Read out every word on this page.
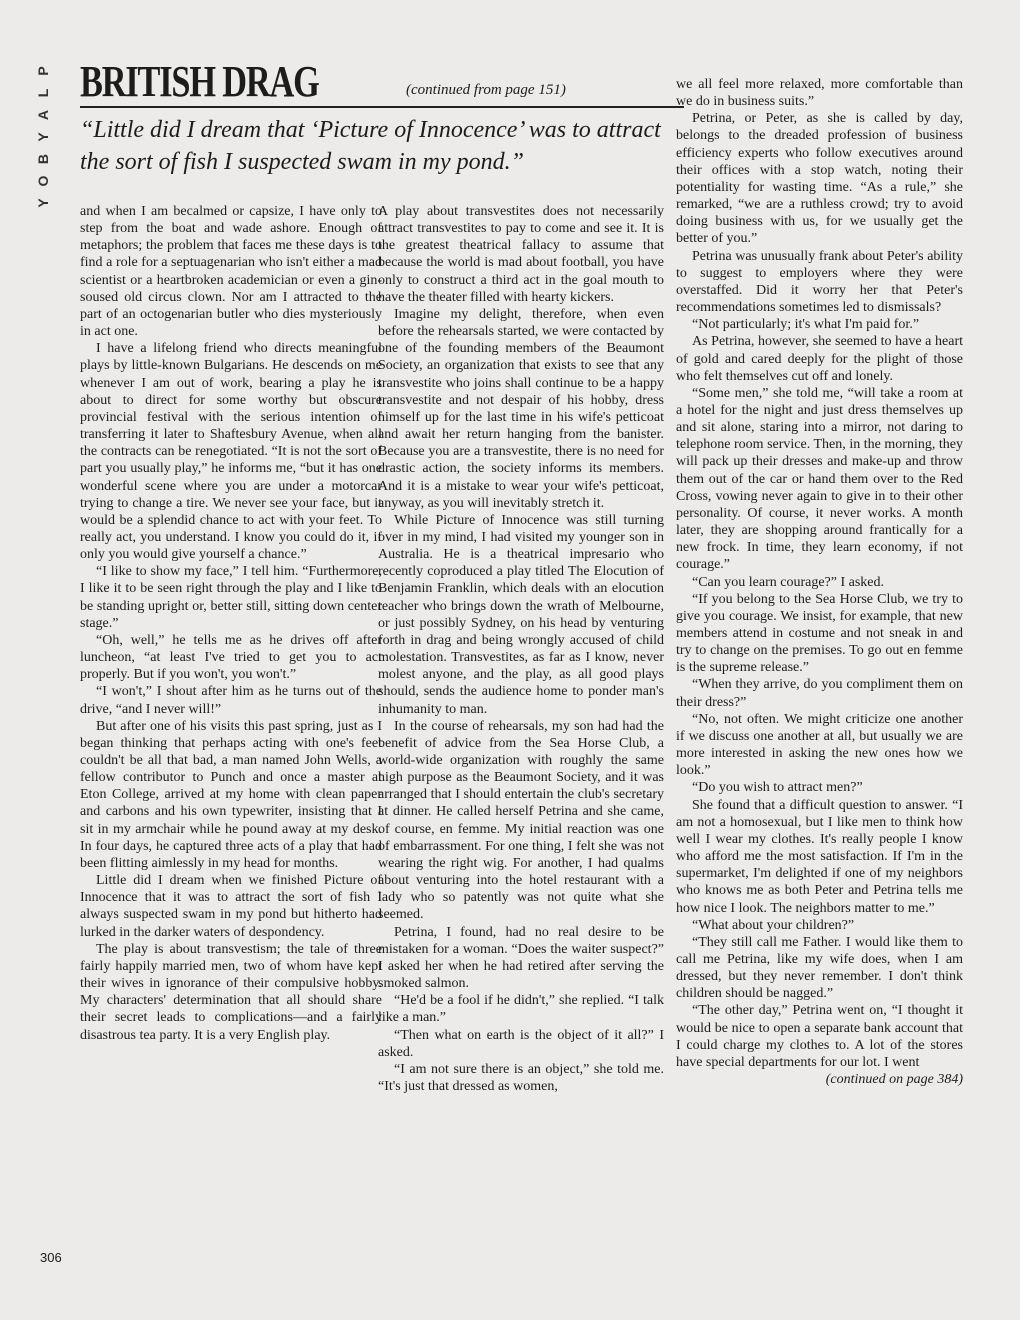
P
L
A
Y
B
O
Y
BRITISH DRAG	(continued from page 151)
“Little did I dream that ‘Picture of Innocence’ was to attract the sort of fish I suspected swam in my pond.”

and when I am becalmed or capsize, I have only to step from the boat and wade ashore. Enough of metaphors; the problem that faces me these days is to find a role for a septuagenarian who isn't either a mad scientist or a heartbroken academician or even a gin-soused old circus clown. Nor am I attracted to the part of an octogenarian butler who dies mysteriously in act one.

I have a lifelong friend who directs meaningful plays by little-known Bulgarians. He descends on me whenever I am out of work, bearing a play he is about to direct for some worthy but obscure provincial festival with the serious intention of transferring it later to Shaftesbury Avenue, when all the contracts can be renegotiated. “It is not the sort of part you usually play,” he informs me, “but it has one wonderful scene where you are under a motorcar trying to change a tire. We never see your face, but it would be a splendid chance to act with your feet. To really act, you understand. I know you could do it, if only you would give yourself a chance.”

“I like to show my face,” I tell him. “Furthermore, I like it to be seen right through the play and I like to be standing upright or, better still, sitting down center stage.”

“Oh, well,” he tells me as he drives off after luncheon, “at least I've tried to get you to act properly. But if you won't, you won't.”

“I won't,” I shout after him as he turns out of the drive, “and I never will!”

But after one of his visits this past spring, just as I began thinking that perhaps acting with one's feet couldn't be all that bad, a man named John Wells, a fellow contributor to Punch and once a master at Eton College, arrived at my home with clean paper and carbons and his own typewriter, insisting that I sit in my armchair while he pound away at my desk. In four days, he captured three acts of a play that had been flitting aimlessly in my head for months.

Little did I dream when we finished Picture of Innocence that it was to attract the sort of fish I always suspected swam in my pond but hitherto had lurked in the darker waters of despondency.

The play is about transvestism; the tale of three fairly happily married men, two of whom have kept their wives in ignorance of their compulsive hobby. My characters' determination that all should share their secret leads to complications—and a fairly disastrous tea party. It is a very English play.

A play about transvestites does not necessarily attract transvestites to pay to come and see it. It is the greatest theatrical fallacy to assume that because the world is mad about football, you have only to construct a third act in the goal mouth to have the theater filled with hearty kickers.

Imagine my delight, therefore, when even before the rehearsals started, we were contacted by one of the founding members of the Beaumont Society, an organization that exists to see that any transvestite who joins shall continue to be a happy transvestite and not despair of his hobby, dress himself up for the last time in his wife's petticoat and await her return hanging from the banister. Because you are a transvestite, there is no need for drastic action, the society informs its members. And it is a mistake to wear your wife's petticoat, anyway, as you will inevitably stretch it.

While Picture of Innocence was still turning over in my mind, I had visited my younger son in Australia. He is a theatrical impresario who recently coproduced a play titled The Elocution of Benjamin Franklin, which deals with an elocution teacher who brings down the wrath of Melbourne, or just possibly Sydney, on his head by venturing forth in drag and being wrongly accused of child molestation. Transvestites, as far as I know, never molest anyone, and the play, as all good plays should, sends the audience home to ponder man's inhumanity to man.

In the course of rehearsals, my son had had the benefit of advice from the Sea Horse Club, a world-wide organization with roughly the same high purpose as the Beaumont Society, and it was arranged that I should entertain the club's secretary at dinner. He called herself Petrina and she came, of course, en femme. My initial reaction was one of embarrassment. For one thing, I felt she was not wearing the right wig. For another, I had qualms about venturing into the hotel restaurant with a lady who so patently was not quite what she seemed.

Petrina, I found, had no real desire to be mistaken for a woman. “Does the waiter suspect?” I asked her when he had retired after serving the smoked salmon.

“He'd be a fool if he didn't,” she replied. “I talk like a man.”

“Then what on earth is the object of it all?” I asked.

“I am not sure there is an object,” she told me. “It's just that dressed as women,

we all feel more relaxed, more comfortable than we do in business suits.”

Petrina, or Peter, as she is called by day, belongs to the dreaded profession of business efficiency experts who follow executives around their offices with a stop watch, noting their potentiality for wasting time. “As a rule,” she remarked, “we are a ruthless crowd; try to avoid doing business with us, for we usually get the better of you.”

Petrina was unusually frank about Peter's ability to suggest to employers where they were overstaffed. Did it worry her that Peter's recommendations sometimes led to dismissals?

“Not particularly; it's what I'm paid for.”

As Petrina, however, she seemed to have a heart of gold and cared deeply for the plight of those who felt themselves cut off and lonely.

“Some men,” she told me, “will take a room at a hotel for the night and just dress themselves up and sit alone, staring into a mirror, not daring to telephone room service. Then, in the morning, they will pack up their dresses and make-up and throw them out of the car or hand them over to the Red Cross, vowing never again to give in to their other personality. Of course, it never works. A month later, they are shopping around frantically for a new frock. In time, they learn economy, if not courage.”

“Can you learn courage?” I asked.

“If you belong to the Sea Horse Club, we try to give you courage. We insist, for example, that new members attend in costume and not sneak in and try to change on the premises. To go out en femme is the supreme release.”

“When they arrive, do you compliment them on their dress?”

“No, not often. We might criticize one another if we discuss one another at all, but usually we are more interested in asking the new ones how we look.”

“Do you wish to attract men?”

She found that a difficult question to answer. “I am not a homosexual, but I like men to think how well I wear my clothes. It's really people I know who afford me the most satisfaction. If I'm in the supermarket, I'm delighted if one of my neighbors who knows me as both Peter and Petrina tells me how nice I look. The neighbors matter to me.”

“What about your children?”

“They still call me Father. I would like them to call me Petrina, like my wife does, when I am dressed, but they never remember. I don't think children should be nagged.”

“The other day,” Petrina went on, “I thought it would be nice to open a separate bank account that I could charge my clothes to. A lot of the stores have special departments for our lot. I went

(continued on page 384)
306
